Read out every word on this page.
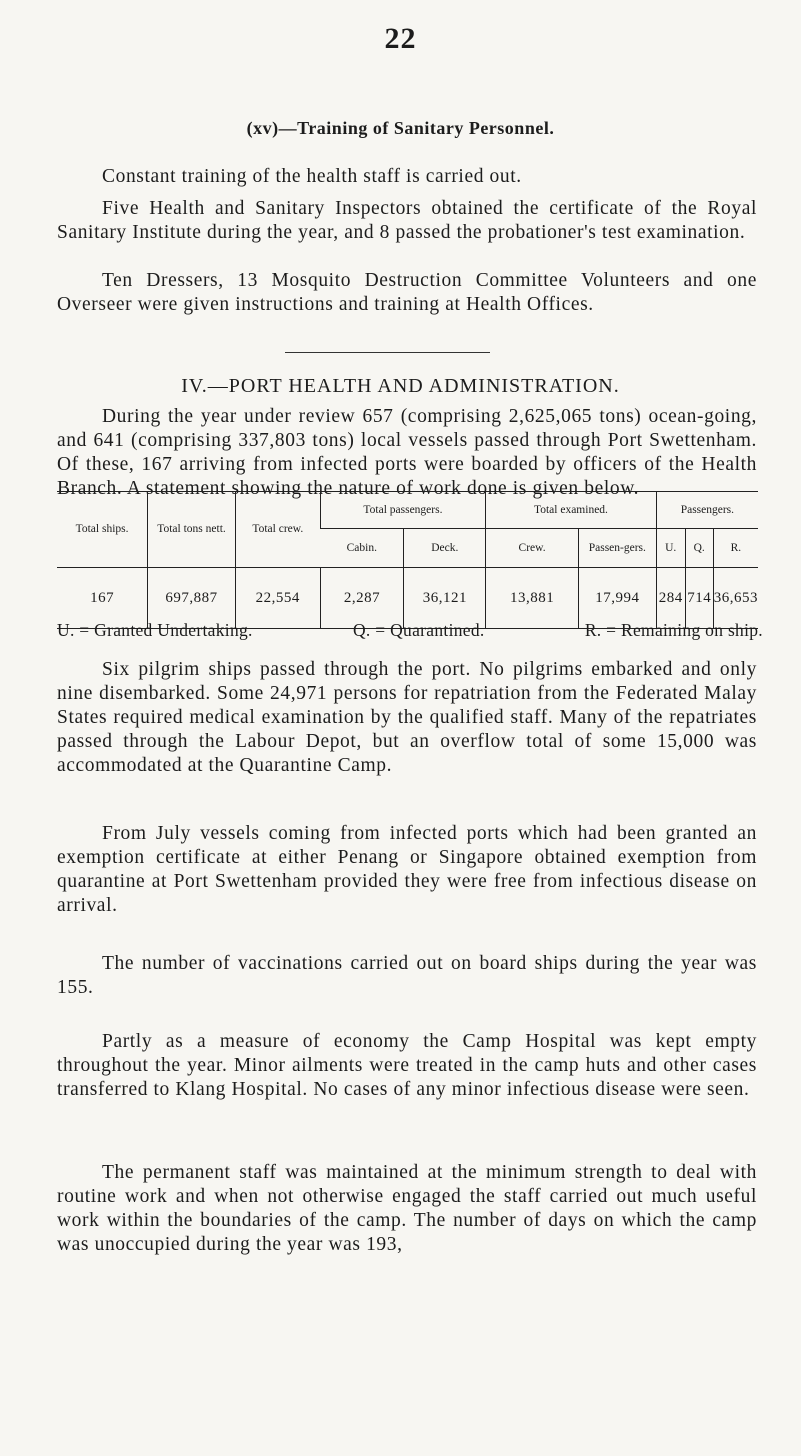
22
(xv)—Training of Sanitary Personnel.

Constant training of the health staff is carried out.

Five Health and Sanitary Inspectors obtained the certificate of the Royal Sanitary Institute during the year, and 8 passed the probationer's test examination.

Ten Dressers, 13 Mosquito Destruction Committee Volunteers and one Overseer were given instructions and training at Health Offices.

IV.—PORT HEALTH AND ADMINISTRATION.

During the year under review 657 (comprising 2,625,065 tons) ocean-going, and 641 (comprising 337,803 tons) local vessels passed through Port Swettenham. Of these, 167 arriving from infected ports were boarded by officers of the Health Branch. A statement showing the nature of work done is given below.

Total ships.	Total tons nett.	Total crew.	Total passengers.		Total examined.		Passengers.		
			Cabin.	Deck.	Crew.	Passen-gers.	U.	Q.	R.
167	697,887	22,554	2,287	36,121	13,881	17,994	284	714	36,653
U. = Granted Undertaking.	Q. = Quarantined.	R. = Remaining on ship.

Six pilgrim ships passed through the port. No pilgrims embarked and only nine disembarked. Some 24,971 persons for repatriation from the Federated Malay States required medical examination by the qualified staff. Many of the repatriates passed through the Labour Depot, but an overflow total of some 15,000 was accommodated at the Quarantine Camp.

From July vessels coming from infected ports which had been granted an exemption certificate at either Penang or Singapore obtained exemption from quarantine at Port Swettenham provided they were free from infectious disease on arrival.

The number of vaccinations carried out on board ships during the year was 155.

Partly as a measure of economy the Camp Hospital was kept empty throughout the year. Minor ailments were treated in the camp huts and other cases transferred to Klang Hospital. No cases of any minor infectious disease were seen.

The permanent staff was maintained at the minimum strength to deal with routine work and when not otherwise engaged the staff carried out much useful work within the boundaries of the camp. The number of days on which the camp was unoccupied during the year was 193,
